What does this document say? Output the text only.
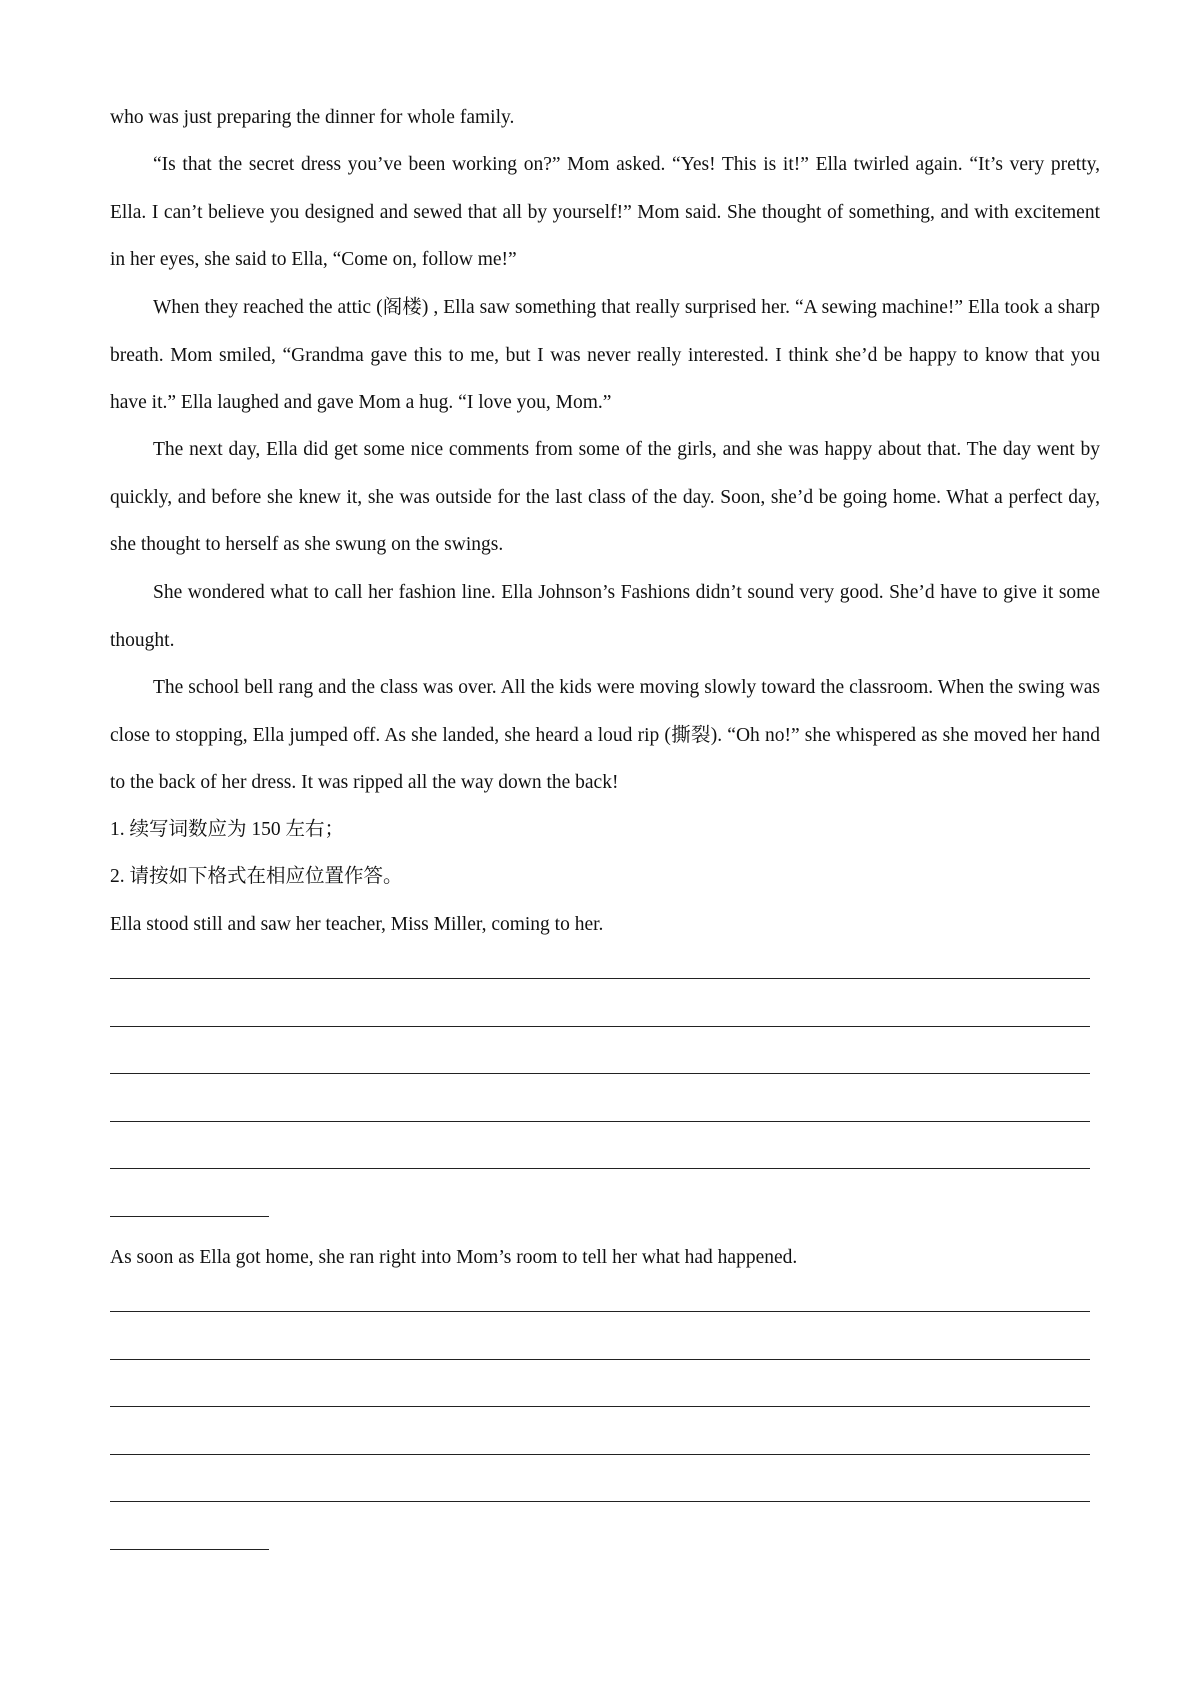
who was just preparing the dinner for whole family.
“Is that the secret dress you’ve been working on?” Mom asked. “Yes! This is it!” Ella twirled again. “It’s very pretty, Ella. I can’t believe you designed and sewed that all by yourself!” Mom said. She thought of something, and with excitement in her eyes, she said to Ella, “Come on, follow me!”
When they reached the attic (阁楼) , Ella saw something that really surprised her. “A sewing machine!” Ella took a sharp breath. Mom smiled, “Grandma gave this to me, but I was never really interested. I think she’d be happy to know that you have it.” Ella laughed and gave Mom a hug. “I love you, Mom.”
The next day, Ella did get some nice comments from some of the girls, and she was happy about that. The day went by quickly, and before she knew it, she was outside for the last class of the day. Soon, she’d be going home. What a perfect day, she thought to herself as she swung on the swings.
She wondered what to call her fashion line. Ella Johnson’s Fashions didn’t sound very good. She’d have to give it some thought.
The school bell rang and the class was over. All the kids were moving slowly toward the classroom. When the swing was close to stopping, Ella jumped off. As she landed, she heard a loud rip (撕裂). “Oh no!” she whispered as she moved her hand to the back of her dress. It was ripped all the way down the back!
1. 续写词数应为 150 左右；
2. 请按如下格式在相应位置作答。
Ella stood still and saw her teacher, Miss Miller, coming to her.
As soon as Ella got home, she ran right into Mom’s room to tell her what had happened.
